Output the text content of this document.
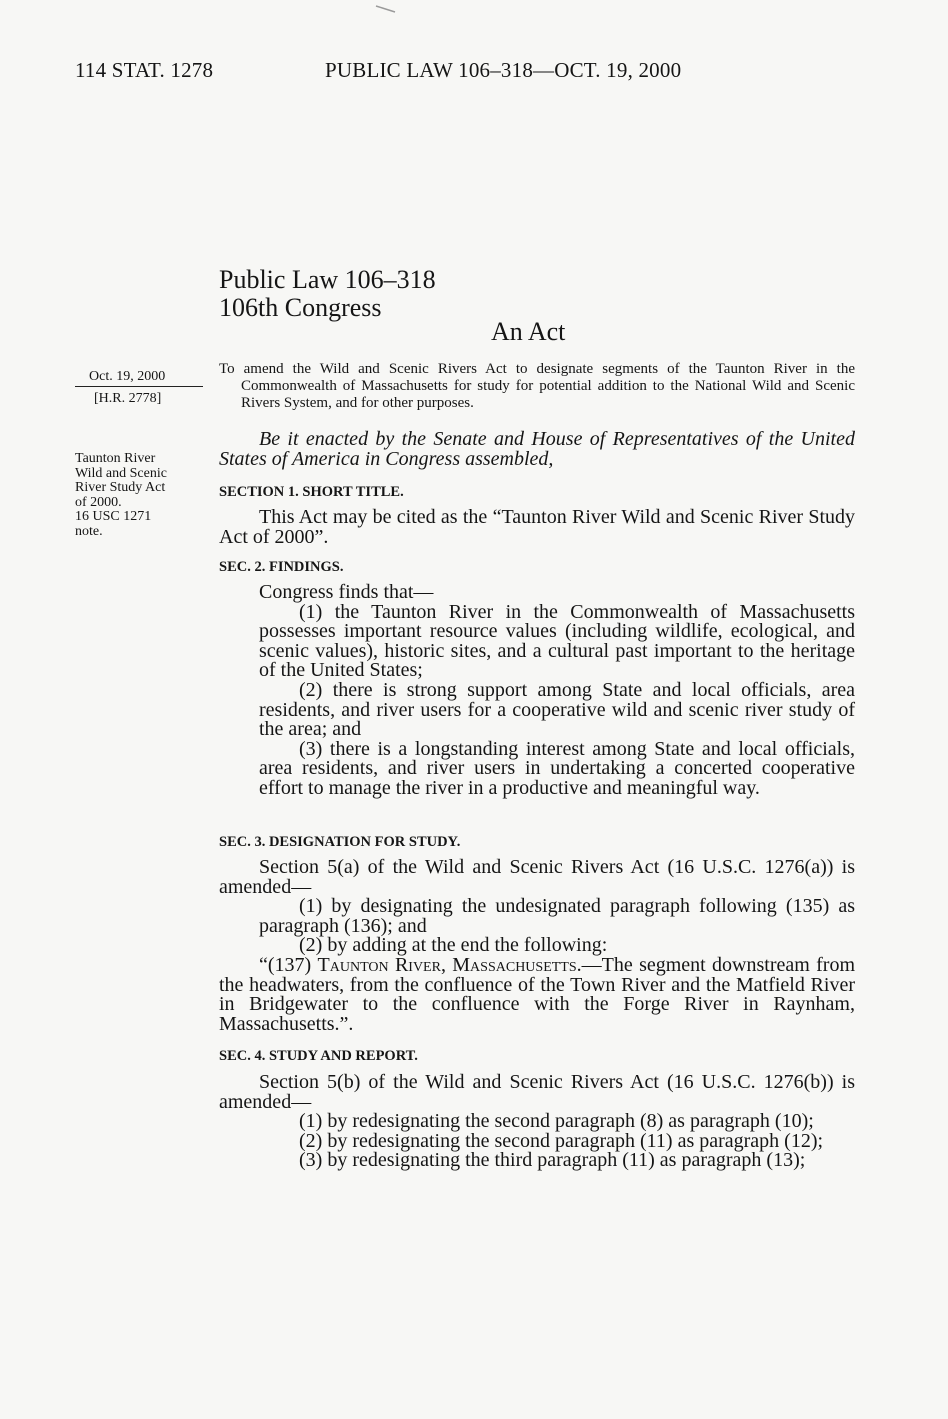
114 STAT. 1278	PUBLIC LAW 106–318—OCT. 19, 2000
Public Law 106–318
106th Congress
An Act
Oct. 19, 2000
[H.R. 2778]
Taunton River
Wild and Scenic
River Study Act
of 2000.
16 USC 1271
note.
To amend the Wild and Scenic Rivers Act to designate segments of the Taunton River in the Commonwealth of Massachusetts for study for potential addition to the National Wild and Scenic Rivers System, and for other purposes.

Be it enacted by the Senate and House of Representatives of the United States of America in Congress assembled,

SECTION 1. SHORT TITLE.

This Act may be cited as the “Taunton River Wild and Scenic River Study Act of 2000”.

SEC. 2. FINDINGS.

Congress finds that—

(1) the Taunton River in the Commonwealth of Massachusetts possesses important resource values (including wildlife, ecological, and scenic values), historic sites, and a cultural past important to the heritage of the United States;

(2) there is strong support among State and local officials, area residents, and river users for a cooperative wild and scenic river study of the area; and

(3) there is a longstanding interest among State and local officials, area residents, and river users in undertaking a concerted cooperative effort to manage the river in a productive and meaningful way.

SEC. 3. DESIGNATION FOR STUDY.

Section 5(a) of the Wild and Scenic Rivers Act (16 U.S.C. 1276(a)) is amended—

(1) by designating the undesignated paragraph following (135) as paragraph (136); and

(2) by adding at the end the following:

“(137) Taunton River, Massachusetts.—The segment downstream from the headwaters, from the confluence of the Town River and the Matfield River in Bridgewater to the confluence with the Forge River in Raynham, Massachusetts.”.

SEC. 4. STUDY AND REPORT.

Section 5(b) of the Wild and Scenic Rivers Act (16 U.S.C. 1276(b)) is amended—

(1) by redesignating the second paragraph (8) as paragraph (10);

(2) by redesignating the second paragraph (11) as paragraph (12);

(3) by redesignating the third paragraph (11) as paragraph (13);
